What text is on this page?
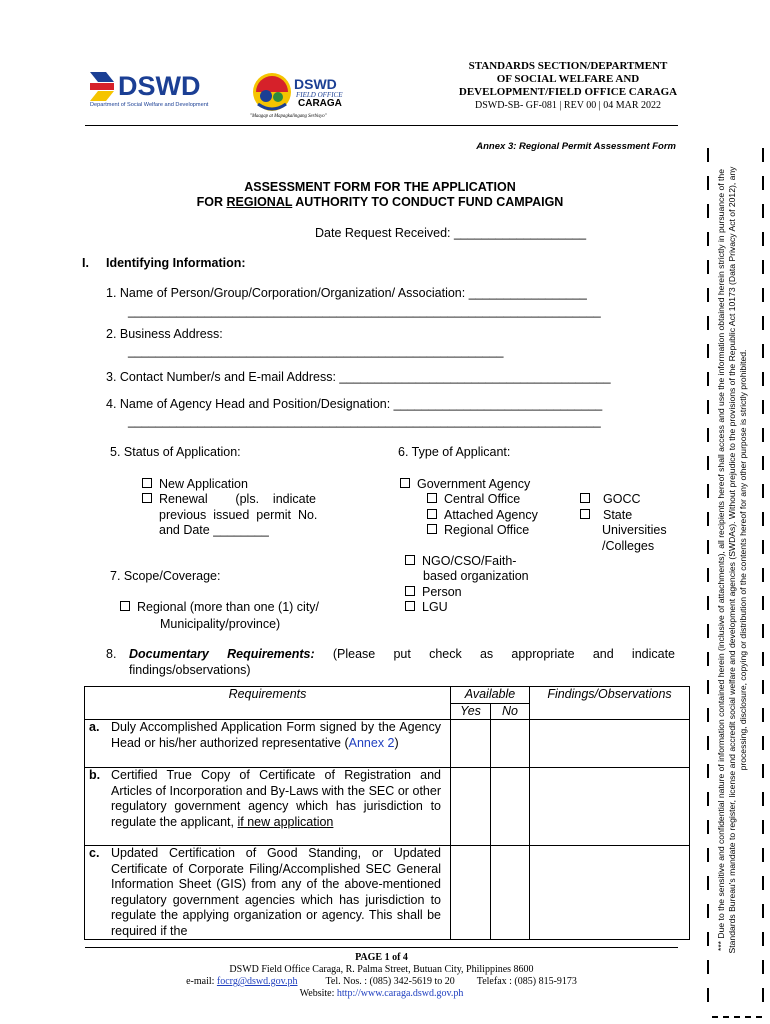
DSWD
Department of Social Welfare and Development
DSWD
FIELD OFFICE
CARAGA
"Maagap at Mapagkalingang Serbisyo"
STANDARDS SECTION/DEPARTMENT
OF SOCIAL WELFARE AND
DEVELOPMENT/FIELD OFFICE CARAGA
DSWD-SB- GF-081 | REV 00 | 04 MAR 2022
Annex 3: Regional Permit Assessment Form
ASSESSMENT FORM FOR THE APPLICATION
FOR REGIONAL AUTHORITY TO CONDUCT FUND CAMPAIGN
Date Request Received: ___________________
I. Identifying Information:
1. Name of Person/Group/Corporation/Organization/ Association: _________________
____________________________________________________________________
2. Business Address:
______________________________________________________
3. Contact Number/s and E-mail Address: _______________________________________
4. Name of Agency Head and Position/Designation: ______________________________
____________________________________________________________________
5. Status of Application:
New Application
Renewal        (pls.    indicate
previous  issued  permit  No.
and Date ________
6. Type of Applicant:
Government Agency
Central Office
Attached Agency
Regional Office
GOCC
State
Universities
/Colleges
NGO/CSO/Faith-
based organization
Person
LGU
7. Scope/Coverage:
Regional (more than one (1) city/
Municipality/province)
8. Documentary Requirements: (Please put check as appropriate and indicate findings/observations)
Requirements	Available		Findings/Observations
	Yes	No	
a. Duly Accomplished Application Form signed by the Agency Head or his/her authorized representative (Annex 2)			
b. Certified True Copy of Certificate of Registration and Articles of Incorporation and By-Laws with the SEC or other regulatory government agency which has jurisdiction to regulate the applicant, if new application			
c. Updated Certification of Good Standing, or Updated Certificate of Corporate Filing/Accomplished SEC General Information Sheet (GIS) from any of the above-mentioned regulatory government agencies which has jurisdiction to regulate the applying organization or agency. This shall be required if the			
PAGE 1 of 4
DSWD Field Office Caraga, R. Palma Street, Butuan City, Philippines 8600
e-mail: focrg@dswd.gov.ph	Tel. Nos. : (085) 342-5619 to 20 Telefax : (085) 815-9173
Website: http://www.caraga.dswd.gov.ph
*** Due to the sensitive and confidential nature of information contained herein (inclusive of attachments), all recipients hereof shall access and use the information obtained herein strictly in pursuance of the Standards Bureau's mandate to register, license and accredit social welfare and development agencies (SWDAs). Without prejudice to the provisions of the Republic Act 10173 (Data Privacy Act of 2012), any processing, disclosure, copying or distribution of the contents hereof for any other purpose is strictly prohibited.
